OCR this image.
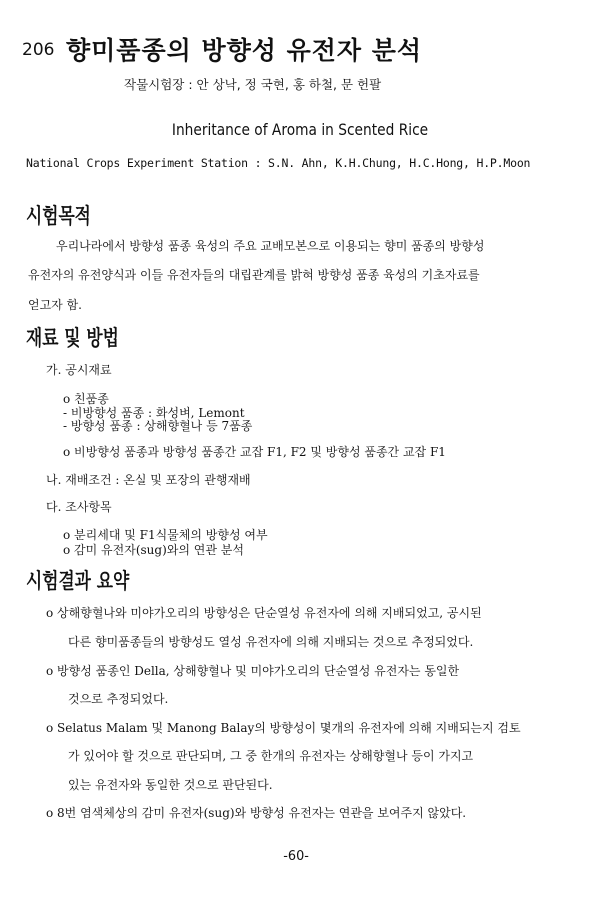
206 향미품종의 방향성 유전자 분석
작물시험장 : 안 상낙, 정 국현, 홍 하철, 문 헌팔
Inheritance of Aroma in Scented Rice
National Crops Experiment Station : S.N. Ahn, K.H.Chung, H.C.Hong, H.P.Moon
시험목적
우리나라에서 방향성 품종 육성의 주요 교배모본으로 이용되는 향미 품종의 방향성
유전자의 유전양식과 이들 유전자들의 대립관계를 밝혀 방향성 품종 육성의 기초자료를
얻고자 함.
재료 및 방법
가. 공시재료
o 친품종
- 비방향성 품종 : 화성벼, Lemont
- 방향성 품종 : 상해향혈나 등 7품종
o 비방향성 품종과 방향성 품종간 교잡 F1, F2 및 방향성 품종간 교잡 F1
나. 재배조건 : 온실 및 포장의 관행재배
다. 조사항목
o 분리세대 및 F1식물체의 방향성 여부
o 감미 유전자(sug)와의 연관 분석
시험결과 요약
o 상해향혈나와 미야가오리의 방향성은 단순열성 유전자에 의해 지배되었고, 공시된
다른 향미품종들의 방향성도 열성 유전자에 의해 지배되는 것으로 추정되었다.
o 방향성 품종인 Della, 상해향혈나 및 미야가오리의 단순열성 유전자는 동일한
것으로 추정되었다.
o Selatus Malam 및 Manong Balay의 방향성이 몇개의 유전자에 의해 지배되는지 검토
가 있어야 할 것으로 판단되며, 그 중 한개의 유전자는 상해향혈나 등이 가지고
있는 유전자와 동일한 것으로 판단된다.
o 8번 염색체상의 감미 유전자(sug)와 방향성 유전자는 연관을 보여주지 않았다.
-60-
